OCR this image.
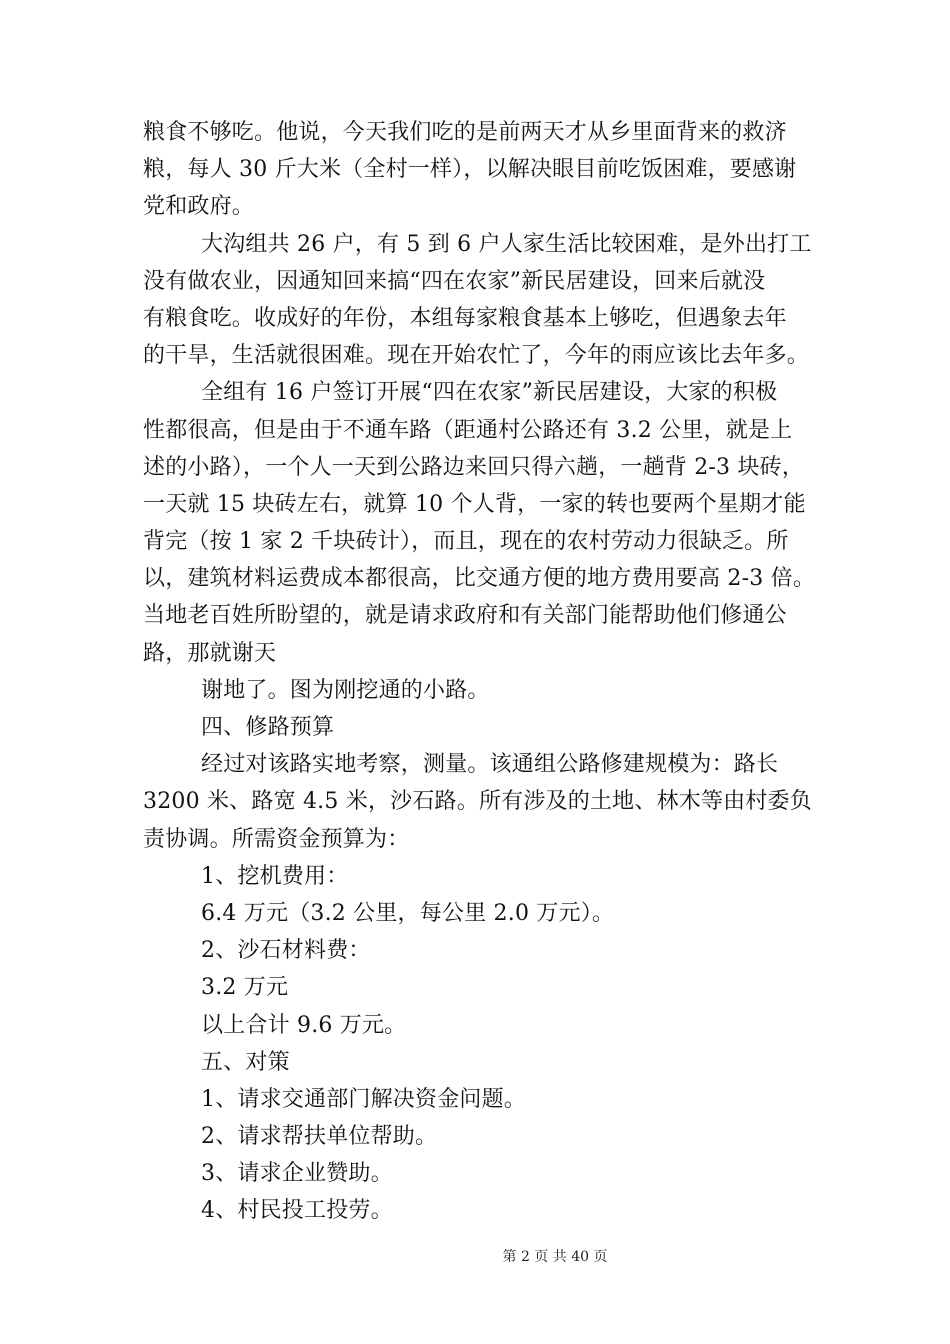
粮食不够吃。他说，今天我们吃的是前两天才从乡里面背来的救济
粮，每人 30 斤大米（全村一样），以解决眼目前吃饭困难，要感谢
党和政府。
大沟组共 26 户，有 5 到 6 户人家生活比较困难，是外出打工
没有做农业，因通知回来搞“四在农家”新民居建设，回来后就没
有粮食吃。收成好的年份，本组每家粮食基本上够吃，但遇象去年
的干旱，生活就很困难。现在开始农忙了，今年的雨应该比去年多。
全组有 16 户签订开展“四在农家”新民居建设，大家的积极
性都很高，但是由于不通车路（距通村公路还有 3.2 公里，就是上
述的小路），一个人一天到公路边来回只得六趟，一趟背 2-3 块砖，
一天就 15 块砖左右，就算 10 个人背，一家的转也要两个星期才能
背完（按 1 家 2 千块砖计），而且，现在的农村劳动力很缺乏。所
以，建筑材料运费成本都很高，比交通方便的地方费用要高 2-3 倍。
当地老百姓所盼望的，就是请求政府和有关部门能帮助他们修通公
路，那就谢天
谢地了。图为刚挖通的小路。
四、修路预算
经过对该路实地考察，测量。该通组公路修建规模为：路长
3200 米、路宽 4.5 米，沙石路。所有涉及的土地、林木等由村委负
责协调。所需资金预算为：
1、挖机费用：
6.4 万元（3.2 公里，每公里 2.0 万元）。
2、沙石材料费：
3.2 万元
以上合计 9.6 万元。
五、对策
1、请求交通部门解决资金问题。
2、请求帮扶单位帮助。
3、请求企业赞助。
4、村民投工投劳。
第 2 页 共 40 页
